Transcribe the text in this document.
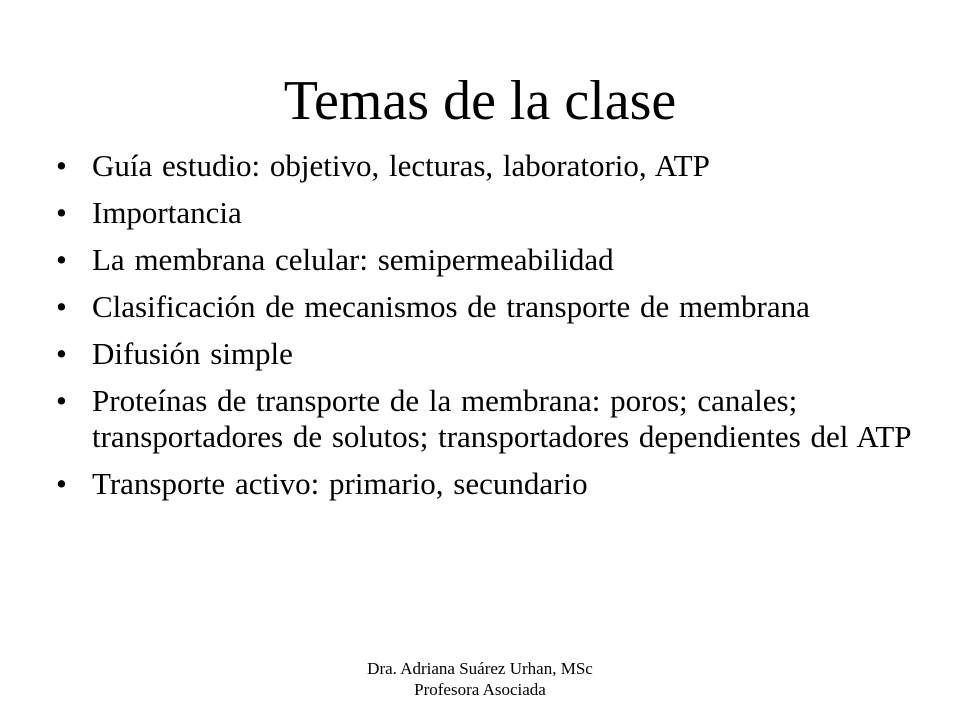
Temas de la clase
• Guía estudio: objetivo, lecturas, laboratorio, ATP
• Importancia
• La membrana celular: semipermeabilidad
• Clasificación de mecanismos de transporte de membrana
• Difusión simple
• Proteínas de transporte de la membrana: poros; canales; transportadores de solutos; transportadores dependientes del ATP
• Transporte activo: primario, secundario
Dra. Adriana Suárez Urhan, MSc
Profesora Asociada
